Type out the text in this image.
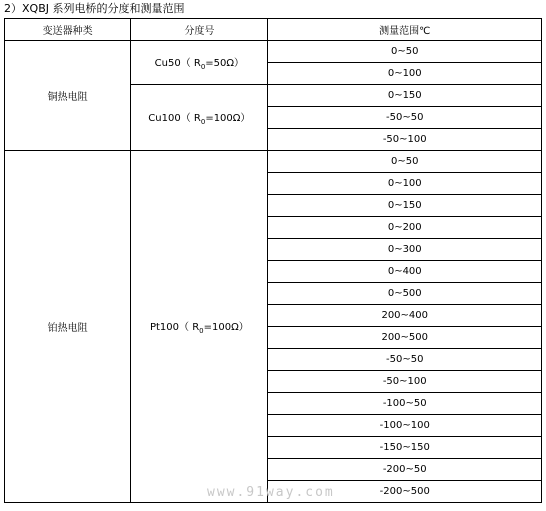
2）XQBJ 系列电桥的分度和测量范围
变送器种类	分度号	测量范围℃
铜热电阻	Cu50（ $R_0=50\Omega$）	0~50
		0~100
	Cu100（ $R_0=100\Omega$）	0~150
		-50~50
		-50~100
铂热电阻	Pt100（ $R_0=100\Omega$）	0~50
		0~100
		0~150
		0~200
		0~300
		0~400
		0~500
		200~400
		200~500
		-50~50
		-50~100
		-100~50
		-100~100
		-150~150
		-200~50
		-200~500
www.91way.com
